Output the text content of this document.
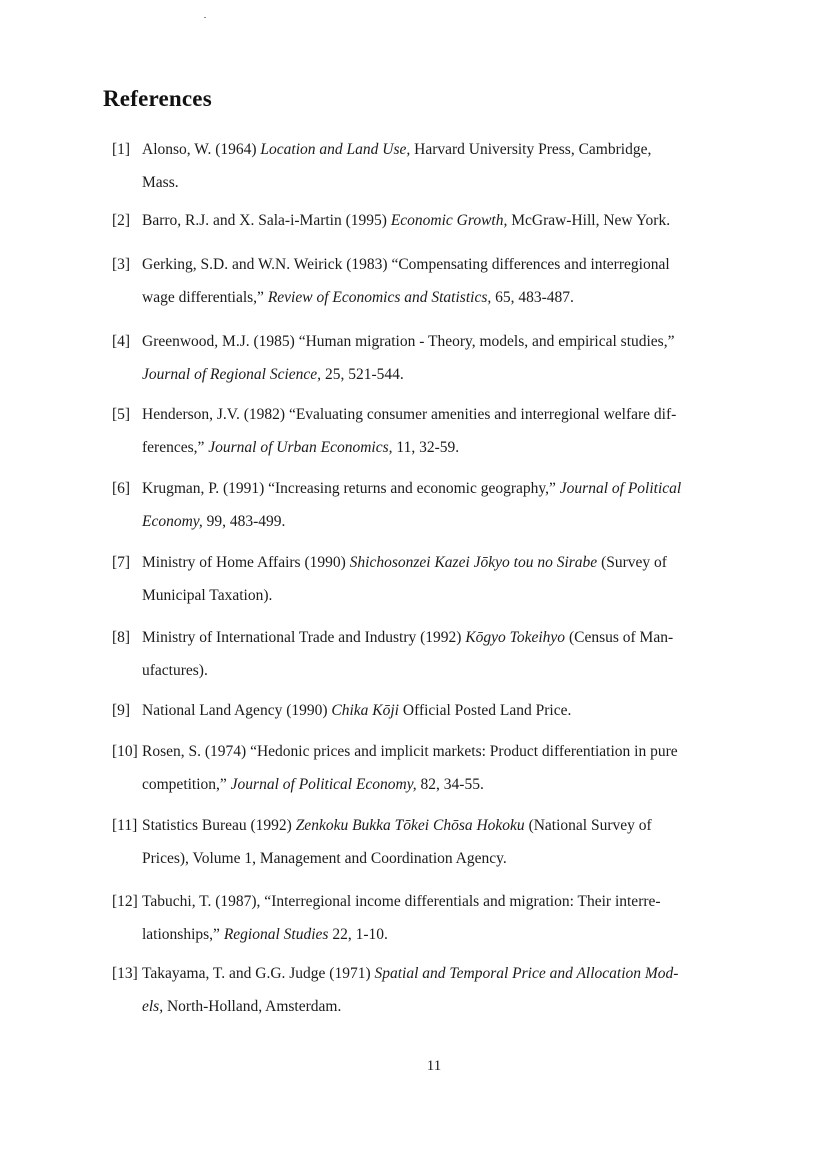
References
[1] Alonso, W. (1964) Location and Land Use, Harvard University Press, Cambridge,
Mass.
[2] Barro, R.J. and X. Sala-i-Martin (1995) Economic Growth, McGraw-Hill, New York.
[3] Gerking, S.D. and W.N. Weirick (1983) “Compensating differences and interregional
wage differentials,” Review of Economics and Statistics, 65, 483-487.
[4] Greenwood, M.J. (1985) “Human migration - Theory, models, and empirical studies,”
Journal of Regional Science, 25, 521-544.
[5] Henderson, J.V. (1982) “Evaluating consumer amenities and interregional welfare dif-
ferences,” Journal of Urban Economics, 11, 32-59.
[6] Krugman, P. (1991) “Increasing returns and economic geography,” Journal of Political
Economy, 99, 483-499.
[7] Ministry of Home Affairs (1990) Shichosonzei Kazei Jōkyo tou no Sirabe (Survey of
Municipal Taxation).
[8] Ministry of International Trade and Industry (1992) Kōgyo Tokeihyo (Census of Man-
ufactures).
[9] National Land Agency (1990) Chika Kōji Official Posted Land Price.
[10] Rosen, S. (1974) “Hedonic prices and implicit markets: Product differentiation in pure
competition,” Journal of Political Economy, 82, 34-55.
[11] Statistics Bureau (1992) Zenkoku Bukka Tōkei Chōsa Hokoku (National Survey of
Prices), Volume 1, Management and Coordination Agency.
[12] Tabuchi, T. (1987), “Interregional income differentials and migration: Their interre-
lationships,” Regional Studies 22, 1-10.
[13] Takayama, T. and G.G. Judge (1971) Spatial and Temporal Price and Allocation Mod-
els, North-Holland, Amsterdam.
11
